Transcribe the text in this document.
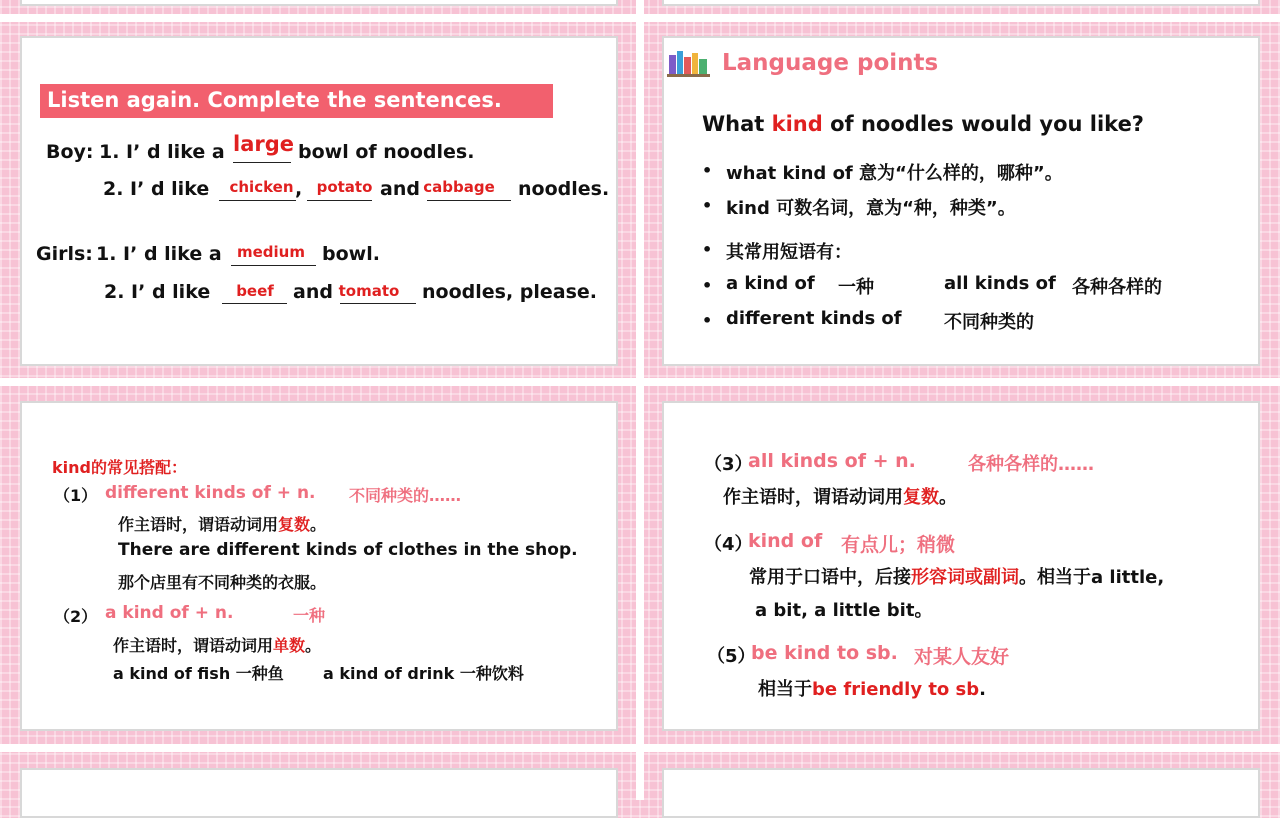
Listen again. Complete the sentences.
Boy: 1. I’ d like a large bowl of noodles.
2. I’ d like	chicken , potato and cabbage noodles.
Girls: 1. I’ d like a	medium bowl.
2. I’ d like	beef	and tomato noodles, please.
Language points
What kind of noodles would you like?
• what kind of 意为“什么样的，哪种”。
• kind 可数名词，意为“种，种类”。
• 其常用短语有：
• a kind of 一种	all kinds of 各种各样的
• different kinds of 不同种类的
kind的常见搭配：
（1） different kinds of + n. 不同种类的……
作主语时，谓语动词用复数。
There are different kinds of clothes in the shop.
那个店里有不同种类的衣服。
（2） a kind of + n.	一种
作主语时，谓语动词用单数。
a kind of fish 一种鱼 a kind of drink 一种饮料
（3）
all kinds of + n.	各种各样的……
作主语时，谓语动词用复数。
（4）
kind of 有点儿；稍微
常用于口语中，后接形容词或副词。相当于a little,
a bit, a little bit。
（5）
be kind to sb. 对某人友好
相当于be friendly to sb.
